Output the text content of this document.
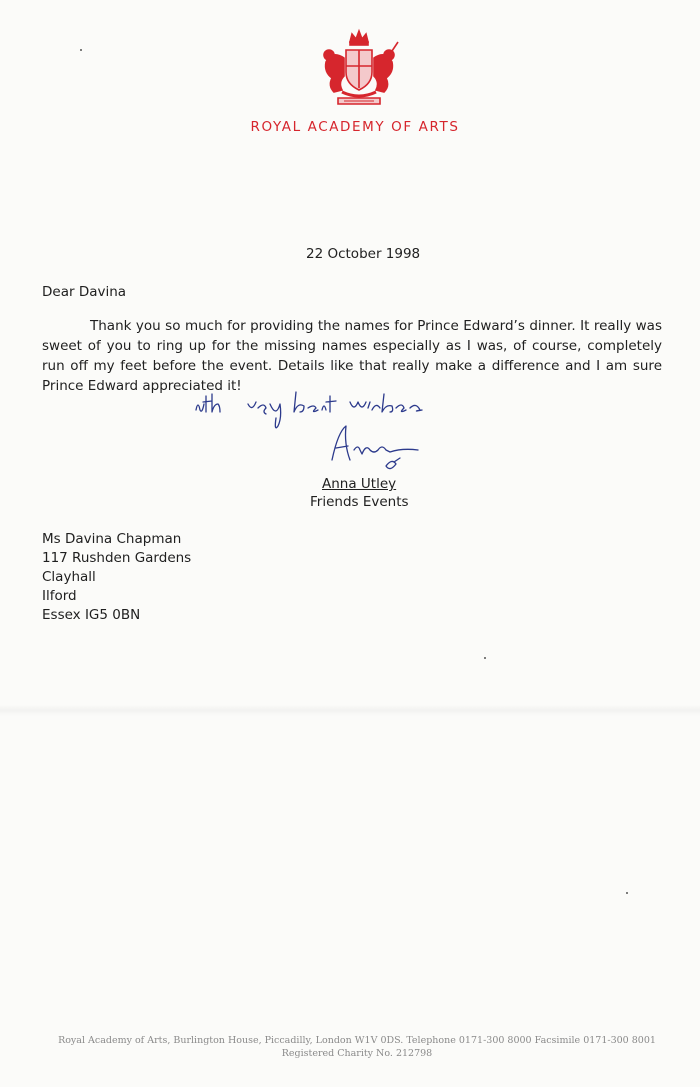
ROYAL ACADEMY OF ARTS
22 October 1998
Dear Davina

Thank you so much for providing the names for Prince Edward’s dinner. It really was sweet of you to ring up for the missing names especially as I was, of course, completely run off my feet before the event. Details like that really make a difference and I am sure Prince Edward appreciated it!

Anna Utley
Friends Events
Ms Davina Chapman
117 Rushden Gardens
Clayhall
Ilford
Essex IG5 0BN
Royal Academy of Arts, Burlington House, Piccadilly, London W1V 0DS. Telephone 0171-300 8000 Facsimile 0171-300 8001
Registered Charity No. 212798
